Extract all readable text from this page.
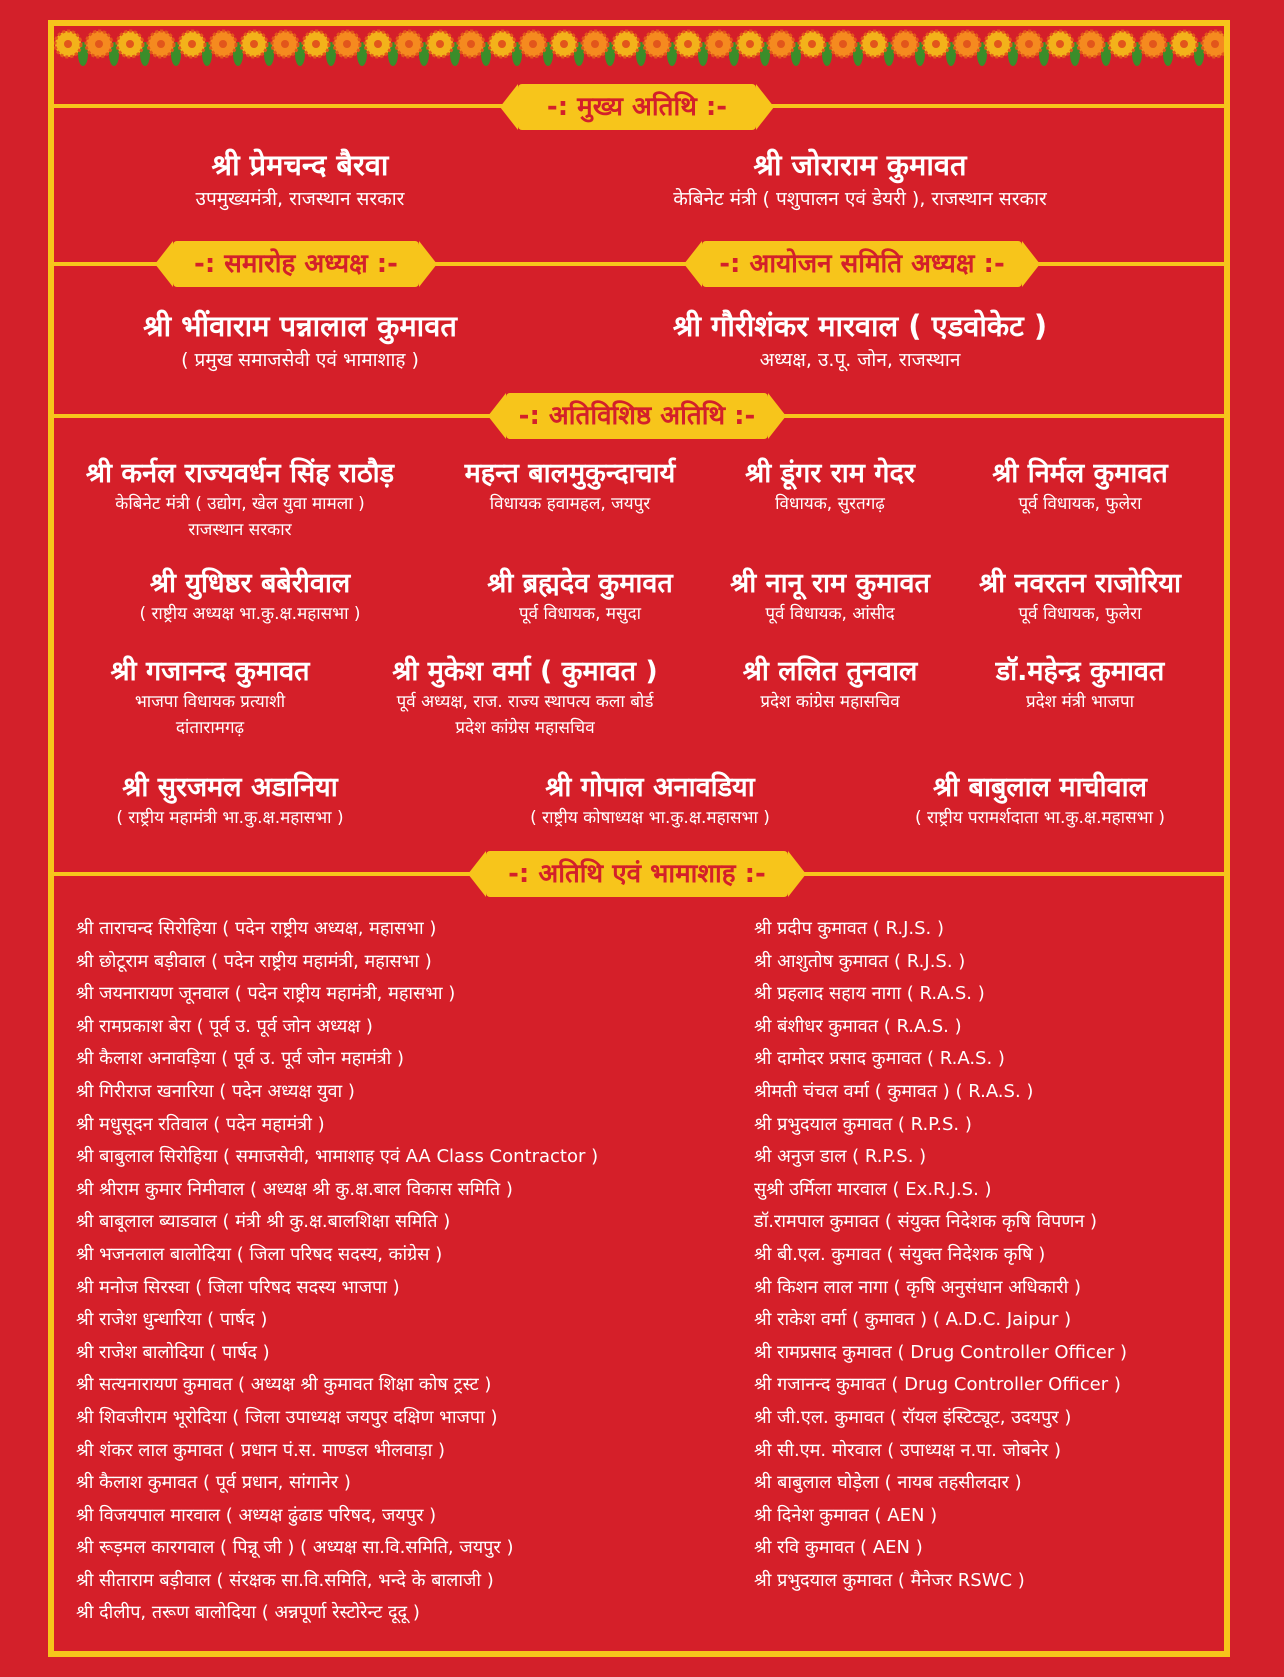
-: मुख्य अतिथि :-
-: समारोह अध्यक्ष :-	-: आयोजन समिति अध्यक्ष :-
-: अतिविशिष्ठ अतिथि :-
-: अतिथि एवं भामाशाह :-
श्री प्रेमचन्द बैरवा
उपमुख्यमंत्री, राजस्थान सरकार
श्री जोराराम कुमावत
केबिनेट मंत्री ( पशुपालन एवं डेयरी ), राजस्थान सरकार
श्री भींवाराम पन्नालाल कुमावत
( प्रमुख समाजसेवी एवं भामाशाह )
श्री गौरीशंकर मारवाल ( एडवोकेट )
अध्यक्ष, उ.पू. जोन, राजस्थान
श्री कर्नल राज्यवर्धन सिंह राठौड़
केबिनेट मंत्री ( उद्योग, खेल युवा मामला )
राजस्थान सरकार
महन्त बालमुकुन्दाचार्य
विधायक हवामहल, जयपुर
श्री डूंगर राम गेदर
विधायक, सुरतगढ़
श्री निर्मल कुमावत
पूर्व विधायक, फुलेरा
श्री युधिष्ठर बबेरीवाल
( राष्ट्रीय अध्यक्ष भा.कु.क्ष.महासभा )
श्री ब्रह्मदेव कुमावत
पूर्व विधायक, मसुदा
श्री नानू राम कुमावत
पूर्व विधायक, आंसीद
श्री नवरतन राजोरिया
पूर्व विधायक, फुलेरा
श्री गजानन्द कुमावत
भाजपा विधायक प्रत्याशी
दांतारामगढ़
श्री मुकेश वर्मा ( कुमावत )
पूर्व अध्यक्ष, राज. राज्य स्थापत्य कला बोर्ड
प्रदेश कांग्रेस महासचिव
श्री ललित तुनवाल
प्रदेश कांग्रेस महासचिव
डॉ.महेन्द्र कुमावत
प्रदेश मंत्री भाजपा
श्री सुरजमल अडानिया
( राष्ट्रीय महामंत्री भा.कु.क्ष.महासभा )
श्री गोपाल अनावडिया
( राष्ट्रीय कोषाध्यक्ष भा.कु.क्ष.महासभा )
श्री बाबुलाल माचीवाल
( राष्ट्रीय परामर्शदाता भा.कु.क्ष.महासभा )
श्री ताराचन्द सिरोहिया ( पदेन राष्ट्रीय अध्यक्ष, महासभा )
श्री छोटूराम बड़ीवाल ( पदेन राष्ट्रीय महामंत्री, महासभा )
श्री जयनारायण जूनवाल ( पदेन राष्ट्रीय महामंत्री, महासभा )
श्री रामप्रकाश बेरा ( पूर्व उ. पूर्व जोन अध्यक्ष )
श्री कैलाश अनावड़िया ( पूर्व उ. पूर्व जोन महामंत्री )
श्री गिरीराज खनारिया ( पदेन अध्यक्ष युवा )
श्री मधुसूदन रतिवाल ( पदेन महामंत्री )
श्री बाबुलाल सिरोहिया ( समाजसेवी, भामाशाह एवं AA Class Contractor )
श्री श्रीराम कुमार निमीवाल ( अध्यक्ष श्री कु.क्ष.बाल विकास समिति )
श्री बाबूलाल ब्याडवाल ( मंत्री श्री कु.क्ष.बालशिक्षा समिति )
श्री भजनलाल बालोदिया ( जिला परिषद सदस्य, कांग्रेस )
श्री मनोज सिरस्वा ( जिला परिषद सदस्य भाजपा )
श्री राजेश धुन्धारिया ( पार्षद )
श्री राजेश बालोदिया ( पार्षद )
श्री सत्यनारायण कुमावत ( अध्यक्ष श्री कुमावत शिक्षा कोष ट्रस्ट )
श्री शिवजीराम भूरोदिया ( जिला उपाध्यक्ष जयपुर दक्षिण भाजपा )
श्री शंकर लाल कुमावत ( प्रधान पं.स. माण्डल भीलवाड़ा )
श्री कैलाश कुमावत ( पूर्व प्रधान, सांगानेर )
श्री विजयपाल मारवाल ( अध्यक्ष ढुंढाड परिषद, जयपुर )
श्री रूड़मल कारगवाल ( पिन्नू जी ) ( अध्यक्ष सा.वि.समिति, जयपुर )
श्री सीताराम बड़ीवाल ( संरक्षक सा.वि.समिति, भन्दे के बालाजी )
श्री दीलीप, तरूण बालोदिया ( अन्नपूर्णा रेस्टोरेन्ट दूदू )
श्री प्रदीप कुमावत ( R.J.S. )
श्री आशुतोष कुमावत ( R.J.S. )
श्री प्रहलाद सहाय नागा ( R.A.S. )
श्री बंशीधर कुमावत ( R.A.S. )
श्री दामोदर प्रसाद कुमावत ( R.A.S. )
श्रीमती चंचल वर्मा ( कुमावत ) ( R.A.S. )
श्री प्रभुदयाल कुमावत ( R.P.S. )
श्री अनुज डाल ( R.P.S. )
सुश्री उर्मिला मारवाल ( Ex.R.J.S. )
डॉ.रामपाल कुमावत ( संयुक्त निदेशक कृषि विपणन )
श्री बी.एल. कुमावत ( संयुक्त निदेशक कृषि )
श्री किशन लाल नागा ( कृषि अनुसंधान अधिकारी )
श्री राकेश वर्मा ( कुमावत ) ( A.D.C. Jaipur )
श्री रामप्रसाद कुमावत ( Drug Controller Officer )
श्री गजानन्द कुमावत ( Drug Controller Officer )
श्री जी.एल. कुमावत ( रॉयल इंस्टिट्यूट, उदयपुर )
श्री सी.एम. मोरवाल ( उपाध्यक्ष न.पा. जोबनेर )
श्री बाबुलाल घोड़ेला ( नायब तहसीलदार )
श्री दिनेश कुमावत ( AEN )
श्री रवि कुमावत ( AEN )
श्री प्रभुदयाल कुमावत ( मैनेजर RSWC )
